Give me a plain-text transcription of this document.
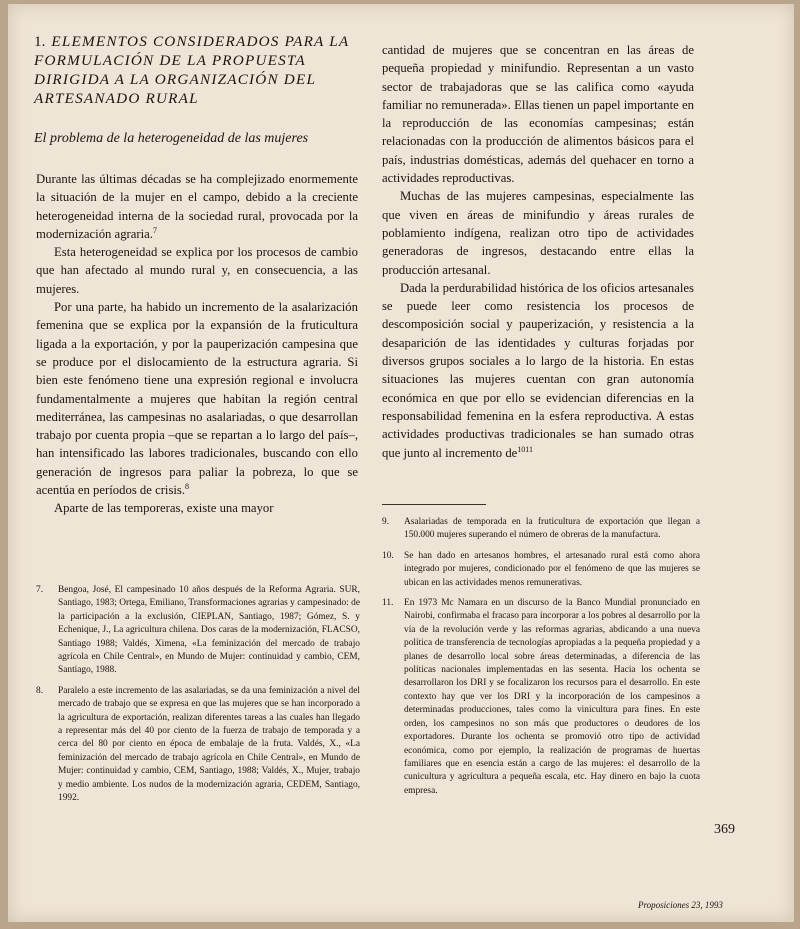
1. ELEMENTOS CONSIDERADOS PARA LA FORMULACIÓN DE LA PROPUESTA DIRIGIDA A LA ORGANIZACIÓN DEL ARTESANADO RURAL
El problema de la heterogeneidad de las mujeres

Durante las últimas décadas se ha complejizado enormemente la situación de la mujer en el campo, debido a la creciente heterogeneidad interna de la sociedad rural, provocada por la modernización agraria.$^7$

Esta heterogeneidad se explica por los procesos de cambio que han afectado al mundo rural y, en consecuencia, a las mujeres.

Por una parte, ha habido un incremento de la asalarización femenina que se explica por la expansión de la fruticultura ligada a la exportación, y por la pauperización campesina que se produce por el dislocamiento de la estructura agraria. Si bien este fenómeno tiene una expresión regional e involucra fundamentalmente a mujeres que habitan la región central mediterránea, las campesinas no asalariadas, o que desarrollan trabajo por cuenta propia –que se repartan a lo largo del país–, han intensificado las labores tradicionales, buscando con ello generación de ingresos para paliar la pobreza, lo que se acentúa en períodos de crisis.$^8$

Aparte de las temporeras, existe una mayor

7. Bengoa, José, El campesinado 10 años después de la Reforma Agraria. SUR, Santiago, 1983; Ortega, Emiliano, Transformaciones agrarias y campesinado: de la participación a la exclusión, CIEPLAN, Santiago, 1987; Gómez, S. y Echenique, J., La agricultura chilena. Dos caras de la modernización, FLACSO, Santiago 1988; Valdés, Ximena, «La feminización del mercado de trabajo agrícola en Chile Central», en Mundo de Mujer: continuidad y cambio, CEM, Santiago, 1988.
8. Paralelo a este incremento de las asalariadas, se da una feminización a nivel del mercado de trabajo que se expresa en que las mujeres que se han incorporado a la agricultura de exportación, realizan diferentes tareas a las cuales han llegado a representar más del 40 por ciento de la fuerza de trabajo de temporada y a cerca del 80 por ciento en época de embalaje de la fruta. Valdés, X., «La feminización del mercado de trabajo agrícola en Chile Central», en Mundo de Mujer: continuidad y cambio, CEM, Santiago, 1988; Valdés, X., Mujer, trabajo y medio ambiente. Los nudos de la modernización agraria, CEDEM, Santiago, 1992.

cantidad de mujeres que se concentran en las áreas de pequeña propiedad y minifundio. Representan a un vasto sector de trabajadoras que se las califica como «ayuda familiar no remunerada». Ellas tienen un papel importante en la reproducción de las economías campesinas; están relacionadas con la producción de alimentos básicos para el país, industrias domésticas, además del quehacer en torno a actividades reproductivas.

Muchas de las mujeres campesinas, especialmente las que viven en áreas de minifundio y áreas rurales de poblamiento indígena, realizan otro tipo de actividades generadoras de ingresos, destacando entre ellas la producción artesanal.

Dada la perdurabilidad histórica de los oficios artesanales se puede leer como resistencia los procesos de descomposición social y pauperización, y resistencia a la desaparición de las identidades y culturas forjadas por diversos grupos sociales a lo largo de la historia. En estas situaciones las mujeres cuentan con gran autonomía económica en que por ello se evidencian diferencias en la responsabilidad femenina en la esfera reproductiva. A estas actividades productivas tradicionales se han sumado otras que junto al incremento $de^{1011}$

9. Asalariadas de temporada en la fruticultura de exportación que llegan a 150.000 mujeres superando el número de obreras de la manufactura.
10. Se han dado en artesanos hombres, el artesanado rural está como ahora integrado por mujeres, condicionado por el fenómeno de que las mujeres se ubican en las actividades menos remunerativas.
11. En 1973 Mc Namara en un discurso de la Banco Mundial pronunciado en Nairobi, confirmaba el fracaso para incorporar a los pobres al desarrollo por la vía de la revolución verde y las reformas agrarias, abdicando a una nueva política de transferencia de tecnologías apropiadas a la pequeña propiedad y a planes de desarrollo local sobre áreas determinadas, a diferencia de las políticas nacionales implementadas en las sesenta. Hacia los ochenta se desarrollaron los DRI y se focalizaron los recursos para el desarrollo. En este contexto hay que ver los DRI y la incorporación de los campesinos a determinadas producciones, tales como la vinicultura para fines. En este orden, los campesinos no son más que productores o deudores de los exportadores. Durante los ochenta se promovió otro tipo de actividad económica, como por ejemplo, la realización de programas de huertas familiares que en esencia están a cargo de las mujeres: el desarrollo de la cunicultura y agricultura a pequeña escala, etc. Hay dinero en bajo la cuota empresa.
369
Proposiciones 23, 1993
